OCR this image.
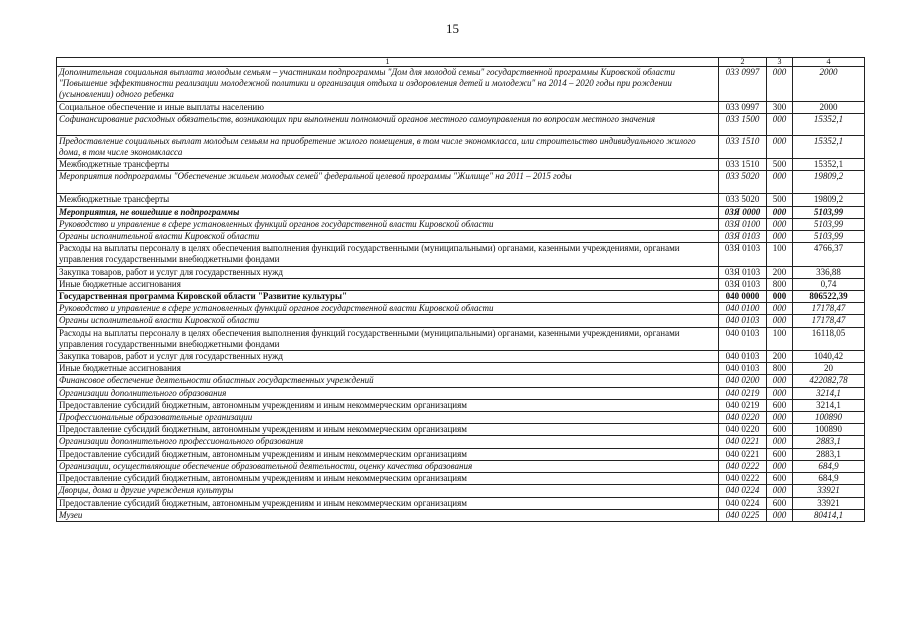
15
1	2	3	4
Дополнительная социальная выплата молодым семьям – участникам подпрограммы "Дом для молодой семьи" государственной программы Кировской области "Повышение эффективности реализации молодежной политики и организация отдыха и оздоровления детей и молодежи" на 2014 – 2020 годы при рождении (усыновлении) одного ребенка	033 0997	000	2000
Социальное обеспечение и иные выплаты населению	033 0997	300	2000
Софинансирование расходных обязательств, возникающих при выполнении полномочий органов местного самоуправления по вопросам местного значения	033 1500	000	15352,1
Предоставление социальных выплат молодым семьям на приобретение жилого помещения, в том числе экономкласса, или строительство индивидуального жилого дома, в том числе экономкласса	033 1510	000	15352,1
Межбюджетные трансферты	033 1510	500	15352,1
Мероприятия подпрограммы "Обеспечение жильем молодых семей" федеральной целевой программы "Жилище" на 2011 – 2015 годы	033 5020	000	19809,2
Межбюджетные трансферты	033 5020	500	19809,2
Мероприятия, не вошедшие в подпрограммы	03Я 0000	000	5103,99
Руководство и управление в сфере установленных функций органов государственной власти Кировской области	03Я 0100	000	5103,99
Органы исполнительной власти Кировской области	03Я 0103	000	5103,99
Расходы на выплаты персоналу в целях обеспечения выполнения функций государственными (муниципальными) органами, казенными учреждениями, органами управления государственными внебюджетными фондами	03Я 0103	100	4766,37
Закупка товаров, работ и услуг для государственных нужд	03Я 0103	200	336,88
Иные бюджетные ассигнования	03Я 0103	800	0,74
Государственная программа Кировской области "Развитие культуры"	040 0000	000	806522,39
Руководство и управление в сфере установленных функций органов государственной власти Кировской области	040 0100	000	17178,47
Органы исполнительной власти Кировской области	040 0103	000	17178,47
Расходы на выплаты персоналу в целях обеспечения выполнения функций государственными (муниципальными) органами, казенными учреждениями, органами управления государственными внебюджетными фондами	040 0103	100	16118,05
Закупка товаров, работ и услуг для государственных нужд	040 0103	200	1040,42
Иные бюджетные ассигнования	040 0103	800	20
Финансовое обеспечение деятельности областных государственных учреждений	040 0200	000	422082,78
Организации дополнительного образования	040 0219	000	3214,1
Предоставление субсидий бюджетным, автономным учреждениям и иным некоммерческим организациям	040 0219	600	3214,1
Профессиональные образовательные организации	040 0220	000	100890
Предоставление субсидий бюджетным, автономным учреждениям и иным некоммерческим организациям	040 0220	600	100890
Организации дополнительного профессионального образования	040 0221	000	2883,1
Предоставление субсидий бюджетным, автономным учреждениям и иным некоммерческим организациям	040 0221	600	2883,1
Организации, осуществляющие обеспечение образовательной деятельности, оценку качества образования	040 0222	000	684,9
Предоставление субсидий бюджетным, автономным учреждениям и иным некоммерческим организациям	040 0222	600	684,9
Дворцы, дома и другие учреждения культуры	040 0224	000	33921
Предоставление субсидий бюджетным, автономным учреждениям и иным некоммерческим организациям	040 0224	600	33921
Музеи	040 0225	000	80414,1
